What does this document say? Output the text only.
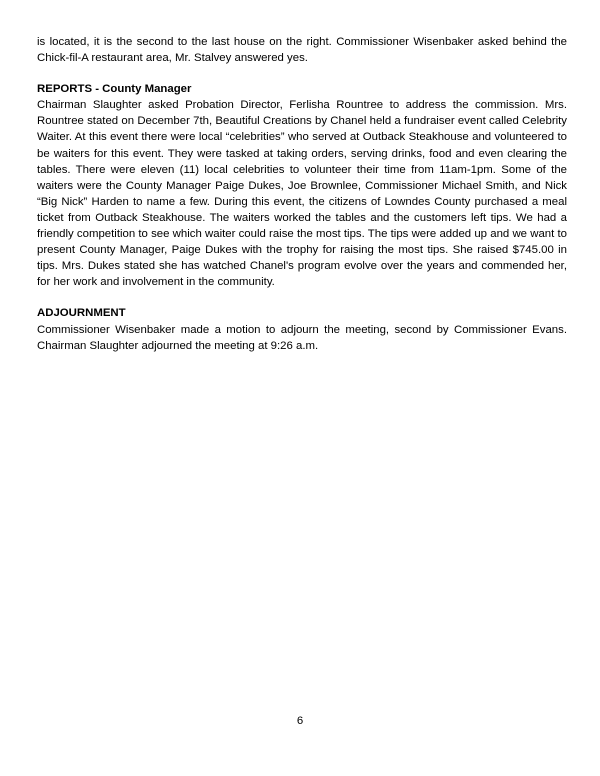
is located, it is the second to the last house on the right. Commissioner Wisenbaker asked behind the Chick-fil-A restaurant area, Mr. Stalvey answered yes.

REPORTS - County Manager

Chairman Slaughter asked Probation Director, Ferlisha Rountree to address the commission. Mrs. Rountree stated on December 7th, Beautiful Creations by Chanel held a fundraiser event called Celebrity Waiter. At this event there were local “celebrities” who served at Outback Steakhouse and volunteered to be waiters for this event. They were tasked at taking orders, serving drinks, food and even clearing the tables. There were eleven (11) local celebrities to volunteer their time from 11am-1pm. Some of the waiters were the County Manager Paige Dukes, Joe Brownlee, Commissioner Michael Smith, and Nick “Big Nick” Harden to name a few. During this event, the citizens of Lowndes County purchased a meal ticket from Outback Steakhouse. The waiters worked the tables and the customers left tips. We had a friendly competition to see which waiter could raise the most tips. The tips were added up and we want to present County Manager, Paige Dukes with the trophy for raising the most tips. She raised $745.00 in tips. Mrs. Dukes stated she has watched Chanel's program evolve over the years and commended her, for her work and involvement in the community.

ADJOURNMENT

Commissioner Wisenbaker made a motion to adjourn the meeting, second by Commissioner Evans. Chairman Slaughter adjourned the meeting at 9:26 a.m.

6
